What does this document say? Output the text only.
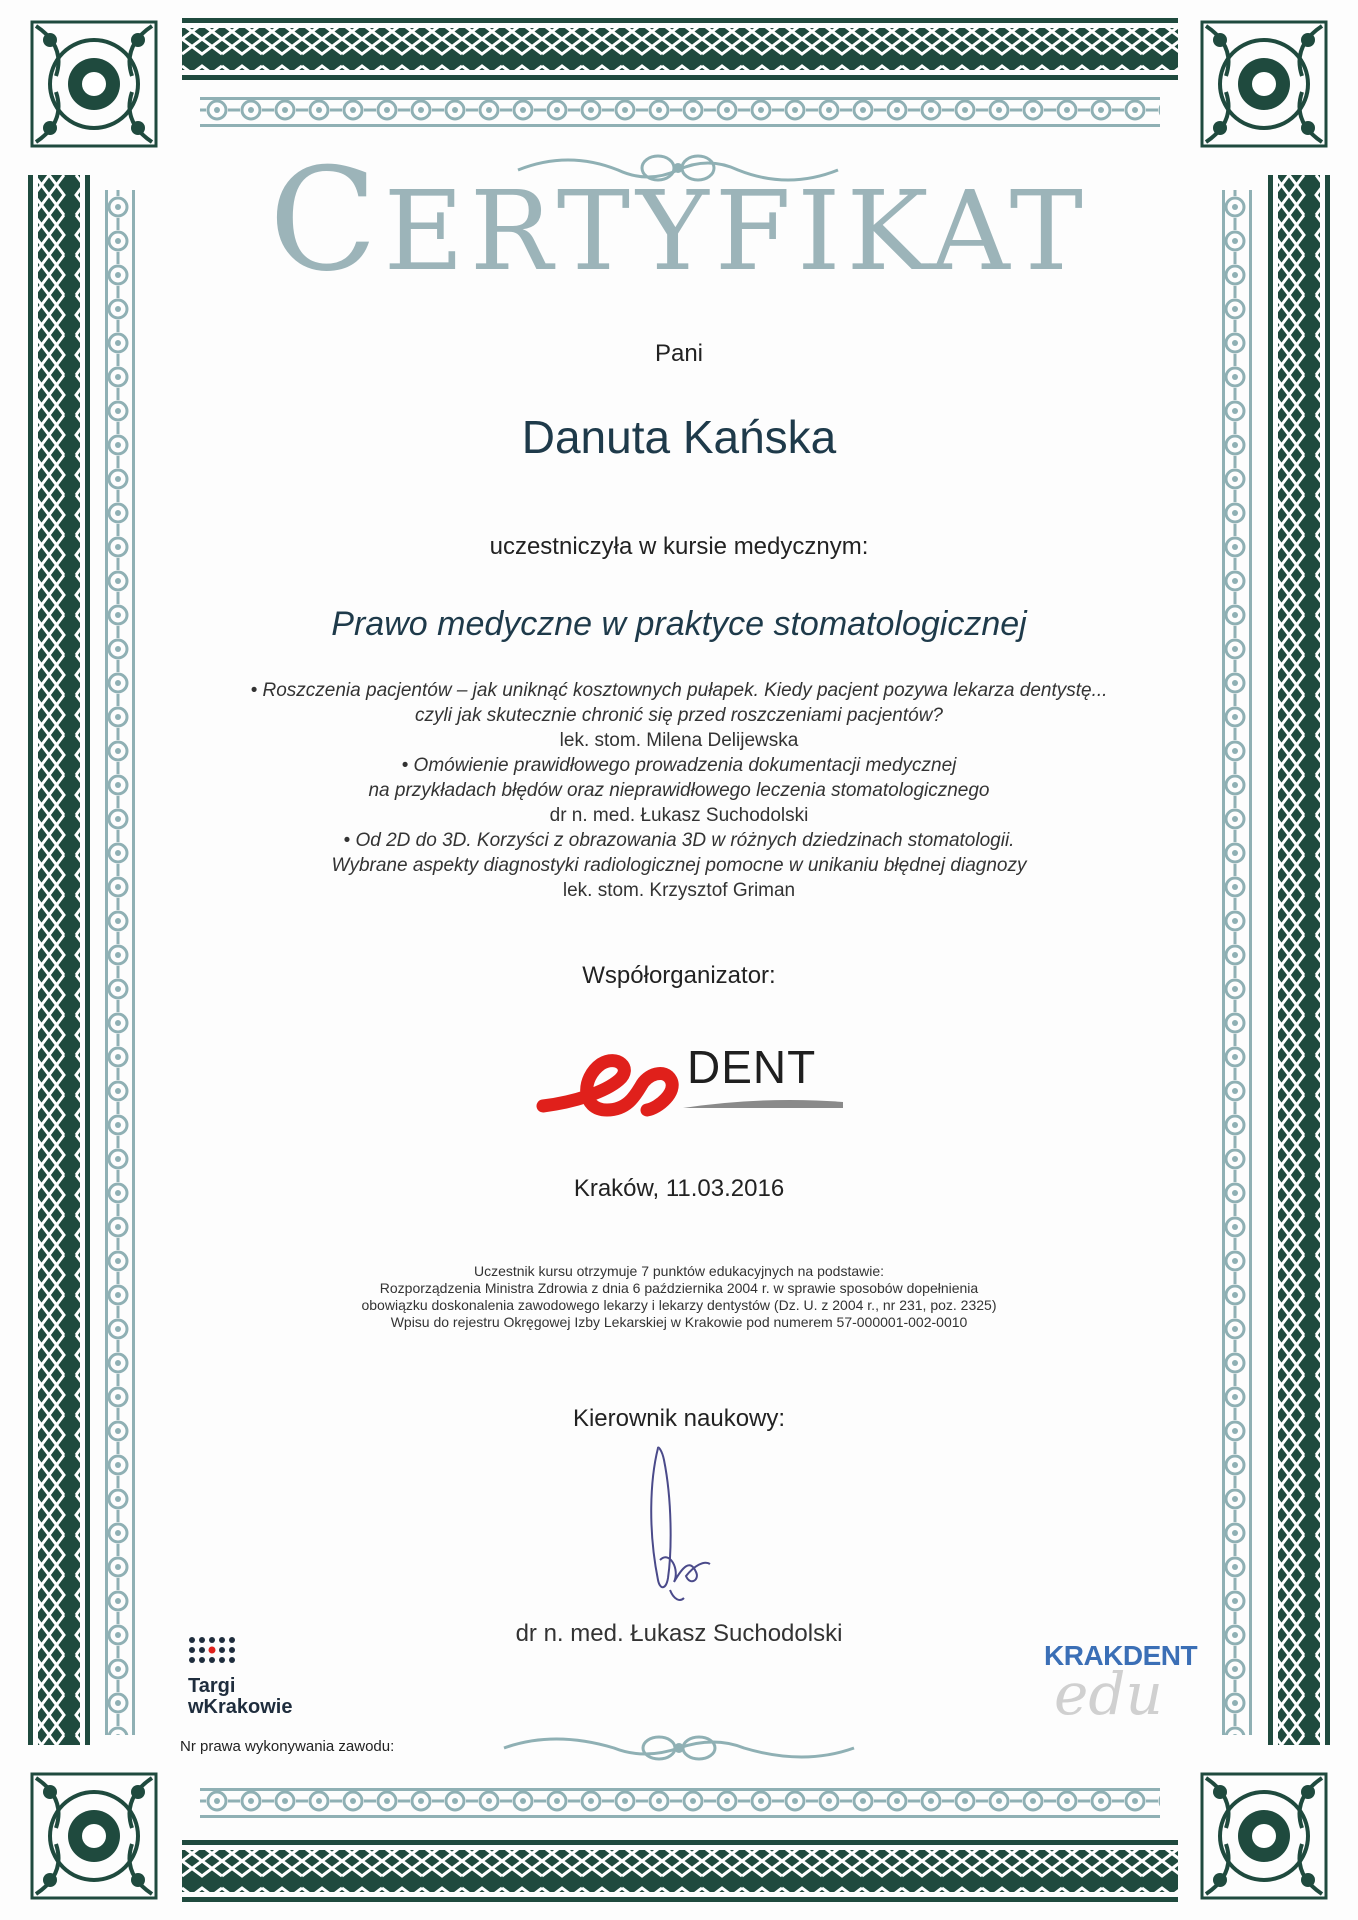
CERTYFIKAT
Pani
Danuta Kańska
uczestniczyła w kursie medycznym:
Prawo medyczne w praktyce stomatologicznej
• Roszczenia pacjentów – jak uniknąć kosztownych pułapek. Kiedy pacjent pozywa lekarza dentystę...
czyli jak skutecznie chronić się przed roszczeniami pacjentów?
lek. stom. Milena Delijewska
• Omówienie prawidłowego prowadzenia dokumentacji medycznej
na przykładach błędów oraz nieprawidłowego leczenia stomatologicznego
dr n. med. Łukasz Suchodolski
• Od 2D do 3D. Korzyści z obrazowania 3D w różnych dziedzinach stomatologii.
Wybrane aspekty diagnostyki radiologicznej pomocne w unikaniu błędnej diagnozy
lek. stom. Krzysztof Griman
Współorganizator:
DENT
Kraków, 11.03.2016
Uczestnik kursu otrzymuje 7 punktów edukacyjnych na podstawie:
Rozporządzenia Ministra Zdrowia z dnia 6 października 2004 r. w sprawie sposobów dopełnienia
obowiązku doskonalenia zawodowego lekarzy i lekarzy dentystów (Dz. U. z 2004 r., nr 231, poz. 2325)
Wpisu do rejestru Okręgowej Izby Lekarskiej w Krakowie pod numerem 57-000001-002-0010
Kierownik naukowy:
dr n. med. Łukasz Suchodolski
Targi
wKrakowie
Nr prawa wykonywania zawodu:
edu
KRAKDENT
